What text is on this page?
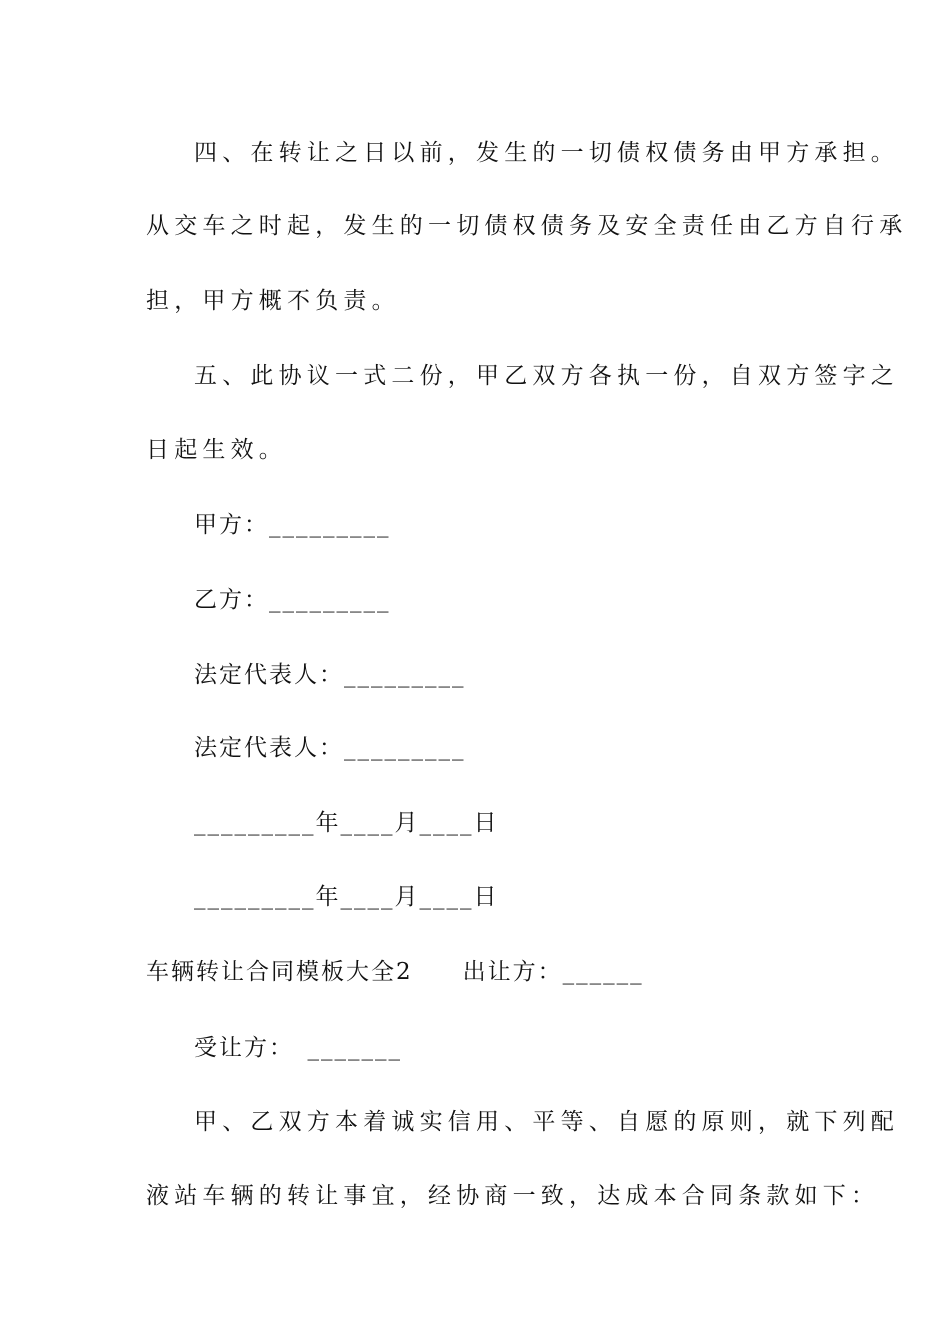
四、在转让之日以前，发生的一切债权债务由甲方承担。
从交车之时起，发生的一切债权债务及安全责任由乙方自行承
担，甲方概不负责。
五、此协议一式二份，甲乙双方各执一份，自双方签字之
日起生效。
甲方：_________
乙方：_________
法定代表人：_________
法定代表人：_________
_________年____月____日
_________年____月____日
车辆转让合同模板大全2　　出让方：______
受让方：　_______
甲、乙双方本着诚实信用、平等、自愿的原则，就下列配
液站车辆的转让事宜，经协商一致，达成本合同条款如下：
